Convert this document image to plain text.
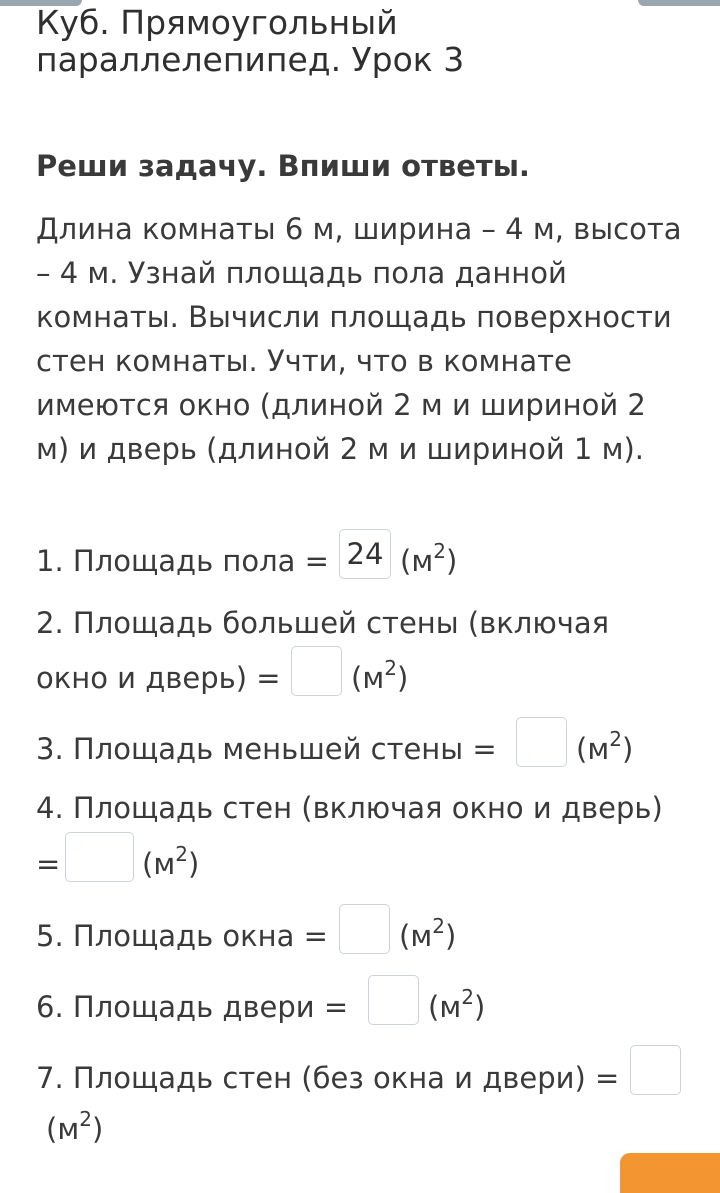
Куб. Прямоугольный
параллелепипед. Урок 3
Реши задачу. Впиши ответы.

Длина комнаты 6 м, ширина – 4 м, высота – 4 м. Узнай площадь пола данной комнаты. Вычисли площадь поверхности стен комнаты. Учти, что в комнате имеются окно (длиной 2 м и шириной 2 м) и дверь (длиной 2 м и шириной 1 м).

1. Площадь пола =
24 $(м^2)$
2. Площадь большей стены (включая
окно и дверь) = $(м^2)$
3. Площадь меньшей стены =	$(м^2)$
4. Площадь стен (включая окно и дверь)
=	$(м^2)$
5. Площадь окна = $(м^2)$
6. Площадь двери =	$(м^2)$
7. Площадь стен (без окна и двери) =
$(м^2)$
